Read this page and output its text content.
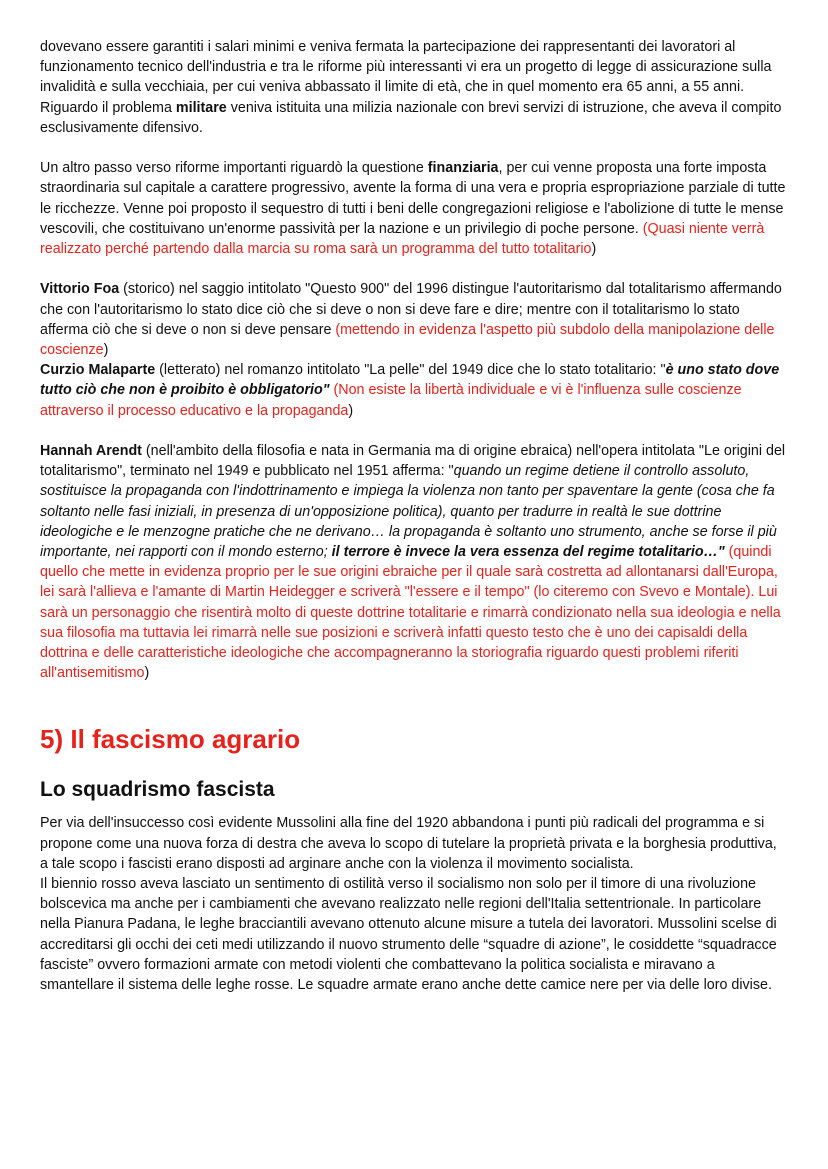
dovevano essere garantiti i salari minimi e veniva fermata la partecipazione dei rappresentanti dei lavoratori al funzionamento tecnico dell'industria e tra le riforme più interessanti vi era un progetto di legge di assicurazione sulla invalidità e sulla vecchiaia, per cui veniva abbassato il limite di età, che in quel momento era 65 anni, a 55 anni.
Riguardo il problema militare veniva istituita una milizia nazionale con brevi servizi di istruzione, che aveva il compito esclusivamente difensivo.

Un altro passo verso riforme importanti riguardò la questione finanziaria, per cui venne proposta una forte imposta straordinaria sul capitale a carattere progressivo, avente la forma di una vera e propria espropriazione parziale di tutte le ricchezze. Venne poi proposto il sequestro di tutti i beni delle congregazioni religiose e l'abolizione di tutte le mense vescovili, che costituivano un'enorme passività per la nazione e un privilegio di poche persone. (Quasi niente verrà realizzato perché partendo dalla marcia su roma sarà un programma del tutto totalitario)

Vittorio Foa (storico) nel saggio intitolato "Questo 900" del 1996 distingue l'autoritarismo dal totalitarismo affermando che con l'autoritarismo lo stato dice ciò che si deve o non si deve fare e dire; mentre con il totalitarismo lo stato afferma ciò che si deve o non si deve pensare (mettendo in evidenza l'aspetto più subdolo della manipolazione delle coscienze)
Curzio Malaparte (letterato) nel romanzo intitolato "La pelle" del 1949 dice che lo stato totalitario: "è uno stato dove tutto ciò che non è proibito è obbligatorio" (Non esiste la libertà individuale e vi è l'influenza sulle coscienze attraverso il processo educativo e la propaganda)

Hannah Arendt (nell'ambito della filosofia e nata in Germania ma di origine ebraica) nell'opera intitolata "Le origini del totalitarismo", terminato nel 1949 e pubblicato nel 1951 afferma: "quando un regime detiene il controllo assoluto, sostituisce la propaganda con l'indottrinamento e impiega la violenza non tanto per spaventare la gente (cosa che fa soltanto nelle fasi iniziali, in presenza di un'opposizione politica), quanto per tradurre in realtà le sue dottrine ideologiche e le menzogne pratiche che ne derivano… la propaganda è soltanto uno strumento, anche se forse il più importante, nei rapporti con il mondo esterno; il terrore è invece la vera essenza del regime totalitario…" (quindi quello che mette in evidenza proprio per le sue origini ebraiche per il quale sarà costretta ad allontanarsi dall'Europa, lei sarà l'allieva e l'amante di Martin Heidegger e scriverà "l'essere e il tempo" (lo citeremo con Svevo e Montale). Lui sarà un personaggio che risentirà molto di queste dottrine totalitarie e rimarrà condizionato nella sua ideologia e nella sua filosofia ma tuttavia lei rimarrà nelle sue posizioni e scriverà infatti questo testo che è uno dei capisaldi della dottrina e delle caratteristiche ideologiche che accompagneranno la storiografia riguardo questi problemi riferiti all'antisemitismo)

5) Il fascismo agrario
Lo squadrismo fascista

Per via dell'insuccesso così evidente Mussolini alla fine del 1920 abbandona i punti più radicali del programma e si propone come una nuova forza di destra che aveva lo scopo di tutelare la proprietà privata e la borghesia produttiva, a tale scopo i fascisti erano disposti ad arginare anche con la violenza il movimento socialista.
Il biennio rosso aveva lasciato un sentimento di ostilità verso il socialismo non solo per il timore di una rivoluzione bolscevica ma anche per i cambiamenti che avevano realizzato nelle regioni dell'Italia settentrionale. In particolare nella Pianura Padana, le leghe bracciantili avevano ottenuto alcune misure a tutela dei lavoratori. Mussolini scelse di accreditarsi gli occhi dei ceti medi utilizzando il nuovo strumento delle “squadre di azione”, le cosiddette “squadracce fasciste” ovvero formazioni armate con metodi violenti che combattevano la politica socialista e miravano a smantellare il sistema delle leghe rosse. Le squadre armate erano anche dette camice nere per via delle loro divise.
